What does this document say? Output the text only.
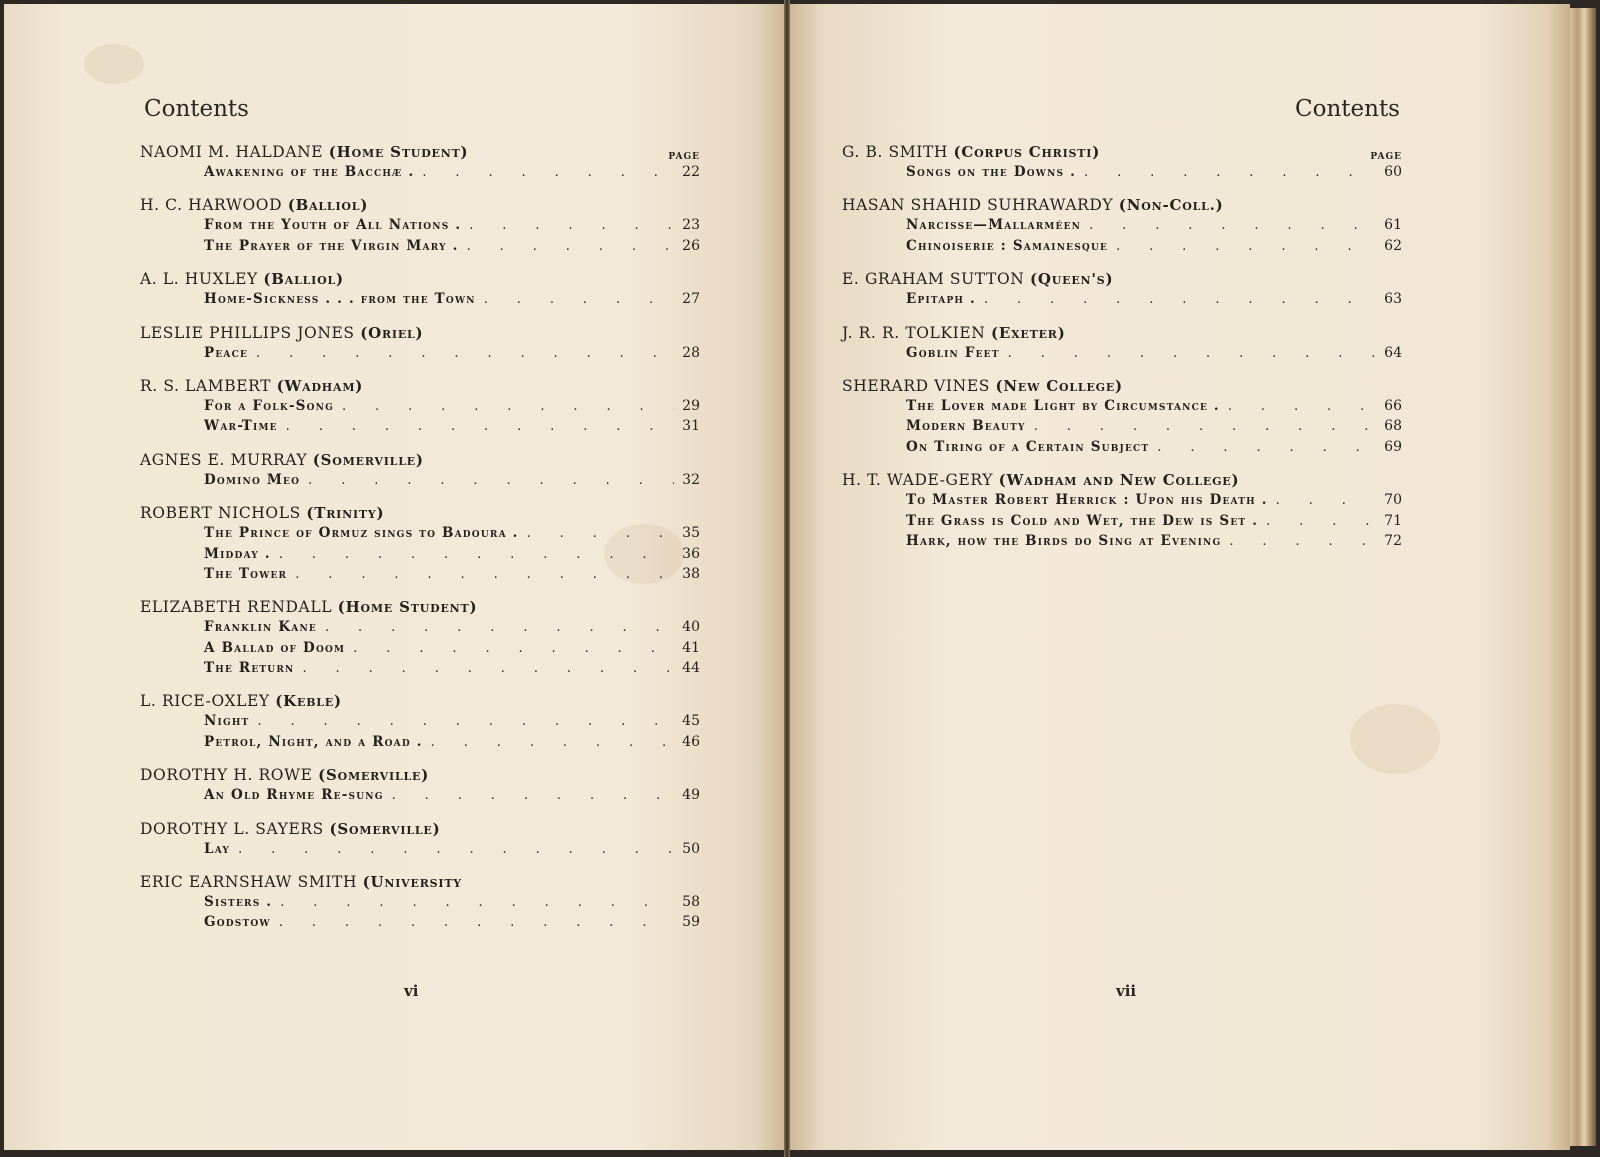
Contents
PAGE
NAOMI M. HALDANE (Home Student)
Awakening of the Bacchæ . .	22
H. C. HARWOOD (Balliol)
From the Youth of All Nations . .	23
The Prayer of the Virgin Mary . .	26
A. L. HUXLEY (Balliol)
Home-Sickness . . . from the Town .	27
LESLIE PHILLIPS JONES (Oriel)
Peace .	28
R. S. LAMBERT (Wadham)
For a Folk-Song .	29
War-Time .	31
AGNES E. MURRAY (Somerville)
Domino Meo .	32
ROBERT NICHOLS (Trinity)
The Prince of Ormuz sings to Badoura . .	35
Midday . .	36
The Tower .	38
ELIZABETH RENDALL (Home Student)
Franklin Kane .	40
A Ballad of Doom .	41
The Return .	44
L. RICE-OXLEY (Keble)
Night .	45
Petrol, Night, and a Road . .	46
DOROTHY H. ROWE (Somerville)
An Old Rhyme Re-sung .	49
DOROTHY L. SAYERS (Somerville)
Lay .	50
ERIC EARNSHAW SMITH (University
Sisters . .	58
Godstow .	59
vi
Contents
PAGE
G. B. SMITH (Corpus Christi)
Songs on the Downs . .	60
HASAN SHAHID SUHRAWARDY (Non-Coll.)
Narcisse—Mallarméen .	61
Chinoiserie : Samainesque .	62
E. GRAHAM SUTTON (Queen's)
Epitaph . .	63
J. R. R. TOLKIEN (Exeter)
Goblin Feet .	64
SHERARD VINES (New College)
The Lover made Light by Circumstance . .	66
Modern Beauty .	68
On Tiring of a Certain Subject .	69
H. T. WADE-GERY (Wadham and New College)
To Master Robert Herrick : Upon his Death . .	70
The Grass is Cold and Wet, the Dew is Set . .	71
Hark, how the Birds do Sing at Evening .	72
vii
